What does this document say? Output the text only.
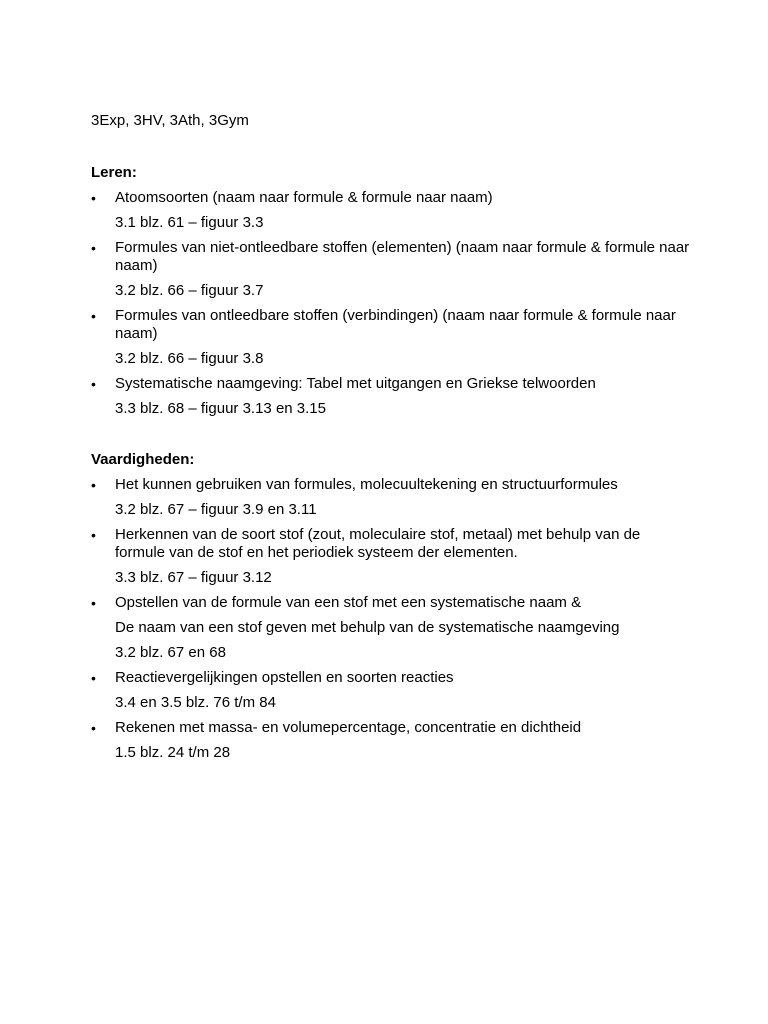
3Exp, 3HV, 3Ath, 3Gym

Leren:
•	Atoomsoorten (naam naar formule & formule naar naam)

3.1 blz. 61 – figuur 3.3
•	Formules van niet-ontleedbare stoffen (elementen) (naam naar formule & formule naar naam)

3.2 blz. 66 – figuur 3.7
•	Formules van ontleedbare stoffen (verbindingen) (naam naar formule & formule naar naam)

3.2 blz. 66 – figuur 3.8
•	Systematische naamgeving: Tabel met uitgangen en Griekse telwoorden

3.3 blz. 68 – figuur 3.13 en 3.15
Vaardigheden:
•	Het kunnen gebruiken van formules, molecuultekening en structuurformules

3.2 blz. 67 – figuur 3.9 en 3.11
•	Herkennen van de soort stof (zout, moleculaire stof, metaal) met behulp van de formule van de stof en het periodiek systeem der elementen.

3.3 blz. 67 – figuur 3.12
•	Opstellen van de formule van een stof met een systematische naam &

De naam van een stof geven met behulp van de systematische naamgeving
3.2 blz. 67 en 68
•	Reactievergelijkingen opstellen en soorten reacties

3.4 en 3.5 blz. 76 t/m 84
•	Rekenen met massa- en volumepercentage, concentratie en dichtheid

1.5 blz. 24 t/m 28
